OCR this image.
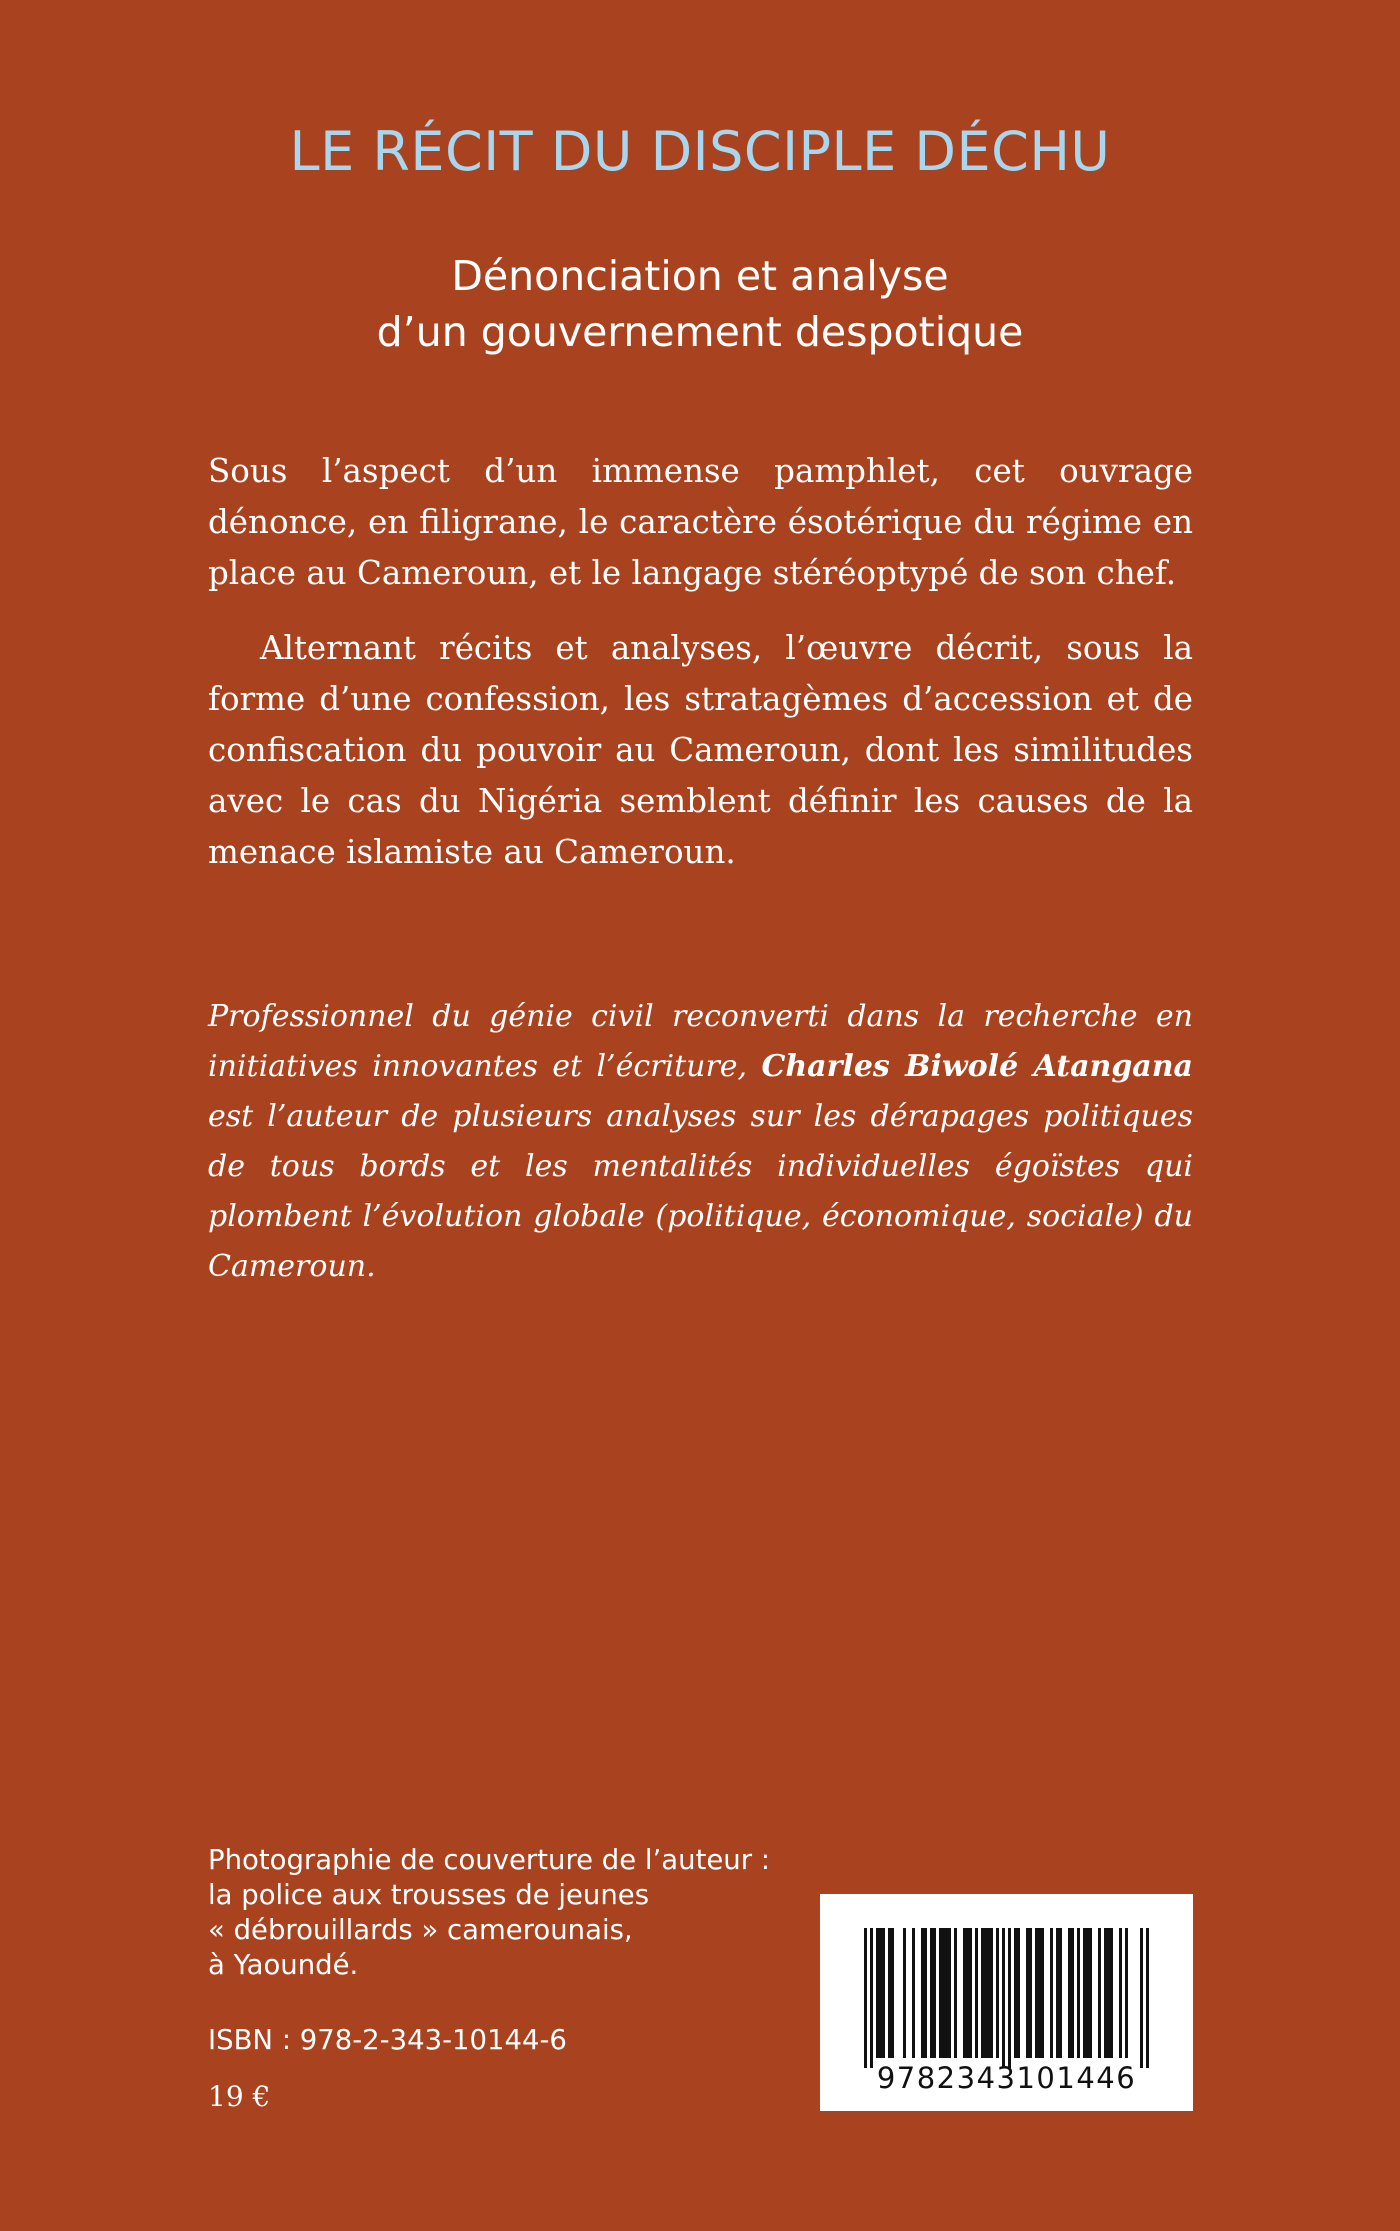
LE RÉCIT DU DISCIPLE DÉCHU
Dénonciation et analyse
d’un gouvernement despotique
Sous l’aspect d’un immense pamphlet, cet ouvrage dénonce, en filigrane, le caractère ésotérique du régime en place au Cameroun, et le langage stéréoptypé de son chef.
Alternant récits et analyses, l’œuvre décrit, sous la forme d’une confession, les stratagèmes d’accession et de confiscation du pouvoir au Cameroun, dont les similitudes avec le cas du Nigéria semblent définir les causes de la menace islamiste au Cameroun.
Professionnel du génie civil reconverti dans la recherche en initiatives innovantes et l’écriture, Charles Biwolé Atangana est l’auteur de plusieurs analyses sur les dérapages politiques de tous bords et les mentalités individuelles égoïstes qui plombent l’évolution globale (politique, économique, sociale) du Cameroun.
Photographie de couverture de l’auteur :
la police aux trousses de jeunes
« débrouillards » camerounais,
à Yaoundé.
ISBN : 978-2-343-10144-6
19 €
9782343101446
